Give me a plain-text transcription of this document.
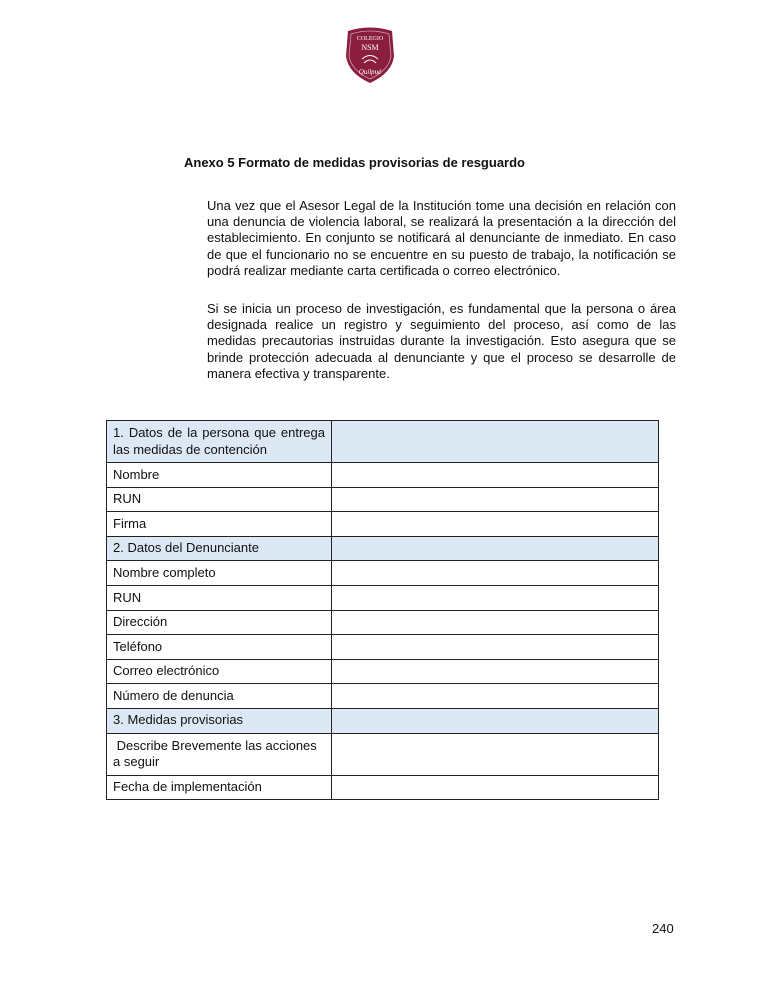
COLEGIO
NSM
Quilpué
Anexo 5 Formato de medidas provisorias de resguardo

Una vez que el Asesor Legal de la Institución tome una decisión en relación con una denuncia de violencia laboral, se realizará la presentación a la dirección del establecimiento. En conjunto se notificará al denunciante de inmediato. En caso de que el funcionario no se encuentre en su puesto de trabajo, la notificación se podrá realizar mediante carta certificada o correo electrónico.

Si se inicia un proceso de investigación, es fundamental que la persona o área designada realice un registro y seguimiento del proceso, así como de las medidas precautorias instruidas durante la investigación. Esto asegura que se brinde protección adecuada al denunciante y que el proceso se desarrolle de manera efectiva y transparente.

1. Datos de la persona que entrega las medidas de contención	
Nombre	
RUN	
Firma	
2. Datos del Denunciante	
Nombre completo	
RUN	
Dirección	
Teléfono	
Correo electrónico	
Número de denuncia	
3. Medidas provisorias	
Describe Brevemente las acciones a seguir	
Fecha de implementación	
240
